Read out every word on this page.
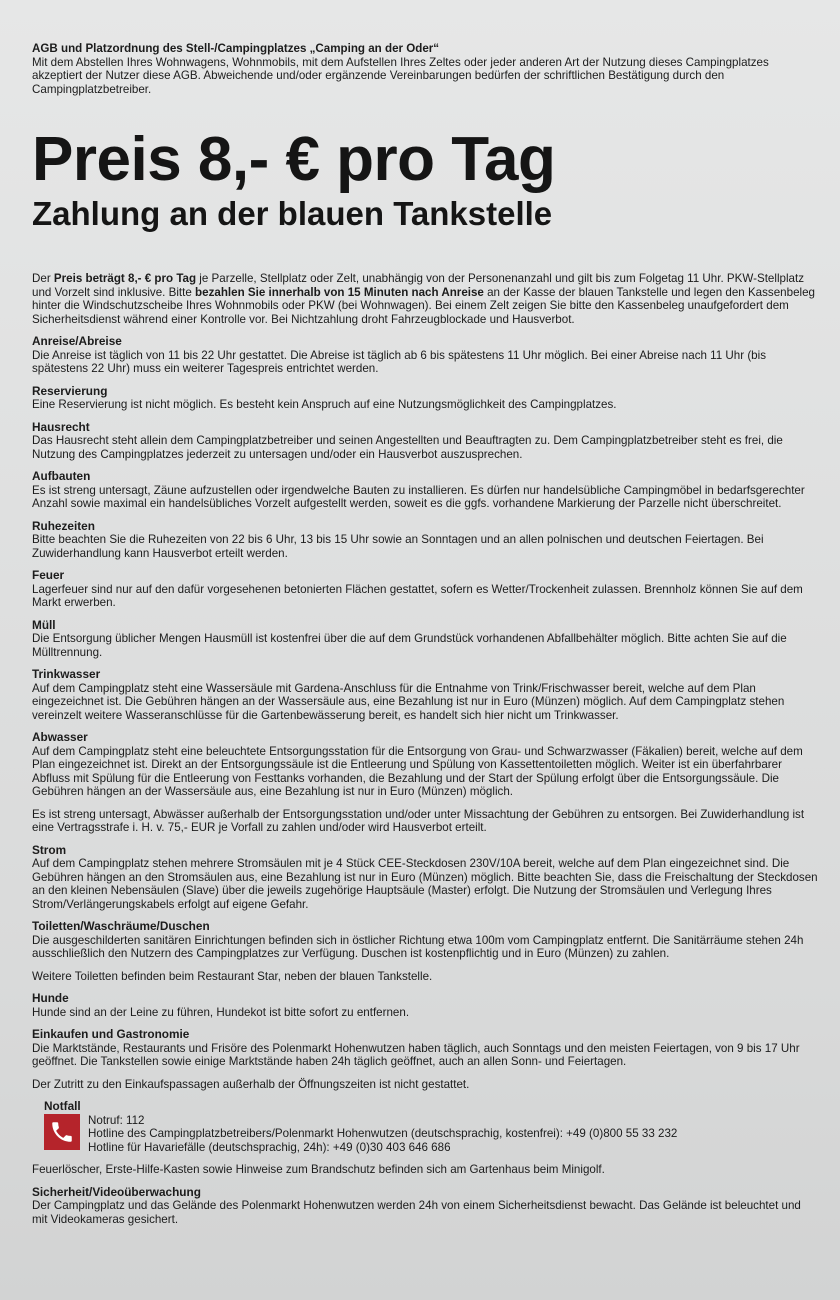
AGB und Platzordnung des Stell-/Campingplatzes „Camping an der Oder“
Mit dem Abstellen Ihres Wohnwagens, Wohnmobils, mit dem Aufstellen Ihres Zeltes oder jeder anderen Art der Nutzung dieses Campingplatzes akzeptiert der Nutzer diese AGB. Abweichende und/oder ergänzende Vereinbarungen bedürfen der schriftlichen Bestätigung durch den Campingplatzbetreiber.
Preis 8,- € pro Tag
Zahlung an der blauen Tankstelle

Der Preis beträgt 8,- € pro Tag je Parzelle, Stellplatz oder Zelt, unabhängig von der Personenanzahl und gilt bis zum Folgetag 11 Uhr. PKW-Stellplatz und Vorzelt sind inklusive. Bitte bezahlen Sie innerhalb von 15 Minuten nach Anreise an der Kasse der blauen Tankstelle und legen den Kassenbeleg hinter die Windschutzscheibe Ihres Wohnmobils oder PKW (bei Wohnwagen). Bei einem Zelt zeigen Sie bitte den Kassenbeleg unaufgefordert dem Sicherheitsdienst während einer Kontrolle vor. Bei Nichtzahlung droht Fahrzeugblockade und Hausverbot.

Anreise/Abreise

Die Anreise ist täglich von 11 bis 22 Uhr gestattet. Die Abreise ist täglich ab 6 bis spätestens 11 Uhr möglich. Bei einer Abreise nach 11 Uhr (bis spätestens 22 Uhr) muss ein weiterer Tagespreis entrichtet werden.

Reservierung

Eine Reservierung ist nicht möglich. Es besteht kein Anspruch auf eine Nutzungsmöglichkeit des Campingplatzes.

Hausrecht

Das Hausrecht steht allein dem Campingplatzbetreiber und seinen Angestellten und Beauftragten zu. Dem Campingplatzbetreiber steht es frei, die Nutzung des Campingplatzes jederzeit zu untersagen und/oder ein Hausverbot auszusprechen.

Aufbauten

Es ist streng untersagt, Zäune aufzustellen oder irgendwelche Bauten zu installieren. Es dürfen nur handelsübliche Campingmöbel in bedarfsgerechter Anzahl sowie maximal ein handelsübliches Vorzelt aufgestellt werden, soweit es die ggfs. vorhandene Markierung der Parzelle nicht überschreitet.

Ruhezeiten

Bitte beachten Sie die Ruhezeiten von 22 bis 6 Uhr, 13 bis 15 Uhr sowie an Sonntagen und an allen polnischen und deutschen Feiertagen. Bei Zuwiderhandlung kann Hausverbot erteilt werden.

Feuer

Lagerfeuer sind nur auf den dafür vorgesehenen betonierten Flächen gestattet, sofern es Wetter/Trockenheit zulassen. Brennholz können Sie auf dem Markt erwerben.

Müll

Die Entsorgung üblicher Mengen Hausmüll ist kostenfrei über die auf dem Grundstück vorhandenen Abfallbehälter möglich. Bitte achten Sie auf die Mülltrennung.

Trinkwasser

Auf dem Campingplatz steht eine Wassersäule mit Gardena-Anschluss für die Entnahme von Trink/Frischwasser bereit, welche auf dem Plan eingezeichnet ist. Die Gebühren hängen an der Wassersäule aus, eine Bezahlung ist nur in Euro (Münzen) möglich. Auf dem Campingplatz stehen vereinzelt weitere Wasseranschlüsse für die Gartenbewässerung bereit, es handelt sich hier nicht um Trinkwasser.

Abwasser

Auf dem Campingplatz steht eine beleuchtete Entsorgungsstation für die Entsorgung von Grau- und Schwarzwasser (Fäkalien) bereit, welche auf dem Plan eingezeichnet ist. Direkt an der Entsorgungssäule ist die Entleerung und Spülung von Kassettentoiletten möglich. Weiter ist ein überfahrbarer Abfluss mit Spülung für die Entleerung von Festtanks vorhanden, die Bezahlung und der Start der Spülung erfolgt über die Entsorgungssäule. Die Gebühren hängen an der Wassersäule aus, eine Bezahlung ist nur in Euro (Münzen) möglich.

Es ist streng untersagt, Abwässer außerhalb der Entsorgungsstation und/oder unter Missachtung der Gebühren zu entsorgen. Bei Zuwiderhandlung ist eine Vertragsstrafe i. H. v. 75,- EUR je Vorfall zu zahlen und/oder wird Hausverbot erteilt.

Strom

Auf dem Campingplatz stehen mehrere Stromsäulen mit je 4 Stück CEE-Steckdosen 230V/10A bereit, welche auf dem Plan eingezeichnet sind. Die Gebühren hängen an den Stromsäulen aus, eine Bezahlung ist nur in Euro (Münzen) möglich. Bitte beachten Sie, dass die Freischaltung der Steckdosen an den kleinen Nebensäulen (Slave) über die jeweils zugehörige Hauptsäule (Master) erfolgt. Die Nutzung der Stromsäulen und Verlegung Ihres Strom/Verlängerungskabels erfolgt auf eigene Gefahr.

Toiletten/Waschräume/Duschen

Die ausgeschilderten sanitären Einrichtungen befinden sich in östlicher Richtung etwa 100m vom Campingplatz entfernt. Die Sanitärräume stehen 24h ausschließlich den Nutzern des Campingplatzes zur Verfügung. Duschen ist kostenpflichtig und in Euro (Münzen) zu zahlen.

Weitere Toiletten befinden beim Restaurant Star, neben der blauen Tankstelle.

Hunde

Hunde sind an der Leine zu führen, Hundekot ist bitte sofort zu entfernen.

Einkaufen und Gastronomie

Die Marktstände, Restaurants und Frisöre des Polenmarkt Hohenwutzen haben täglich, auch Sonntags und den meisten Feiertagen, von 9 bis 17 Uhr geöffnet. Die Tankstellen sowie einige Marktstände haben 24h täglich geöffnet, auch an allen Sonn- und Feiertagen.

Der Zutritt zu den Einkaufspassagen außerhalb der Öffnungszeiten ist nicht gestattet.

Notfall

Notruf: 112

Hotline des Campingplatzbetreibers/Polenmarkt Hohenwutzen (deutschsprachig, kostenfrei): +49 (0)800 55 33 232

Hotline für Havariefälle (deutschsprachig, 24h): +49 (0)30 403 646 686

Feuerlöscher, Erste-Hilfe-Kasten sowie Hinweise zum Brandschutz befinden sich am Gartenhaus beim Minigolf.

Sicherheit/Videoüberwachung

Der Campingplatz und das Gelände des Polenmarkt Hohenwutzen werden 24h von einem Sicherheitsdienst bewacht. Das Gelände ist beleuchtet und mit Videokameras gesichert.
